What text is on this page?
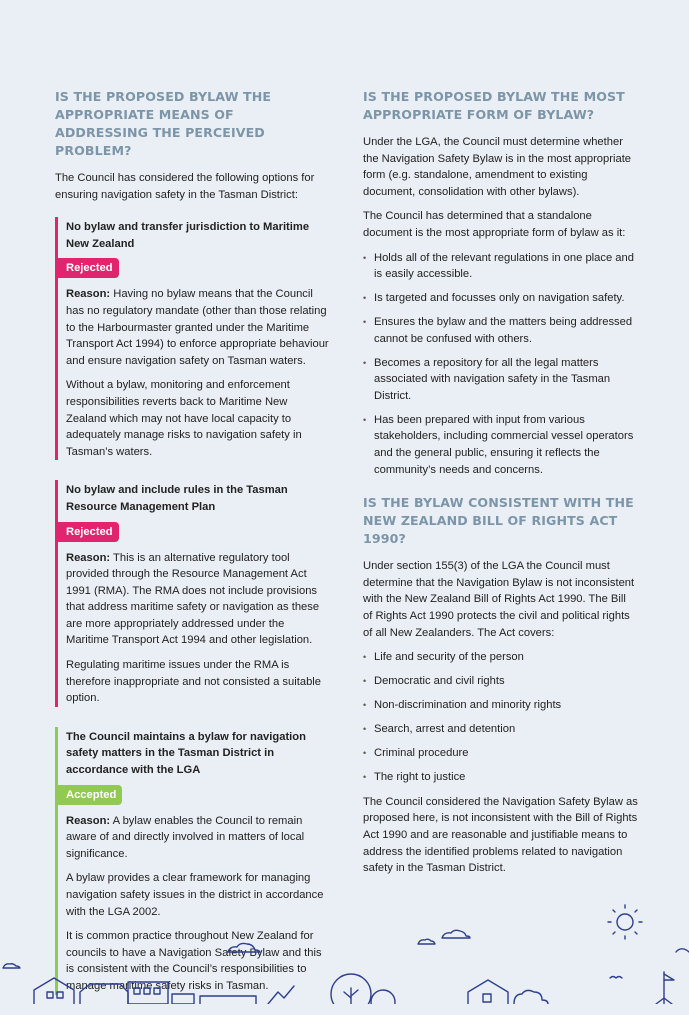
IS THE PROPOSED BYLAW THE APPROPRIATE MEANS OF ADDRESSING THE PERCEIVED PROBLEM?

The Council has considered the following options for ensuring navigation safety in the Tasman District:

No bylaw and transfer jurisdiction to Maritime New Zealand
Rejected

Reason: Having no bylaw means that the Council has no regulatory mandate (other than those relating to the Harbourmaster granted under the Maritime Transport Act 1994) to enforce appropriate behaviour and ensure navigation safety on Tasman waters.

Without a bylaw, monitoring and enforcement responsibilities reverts back to Maritime New Zealand which may not have local capacity to adequately manage risks to navigation safety in Tasman’s waters.

No bylaw and include rules in the Tasman Resource Management Plan
Rejected

Reason: This is an alternative regulatory tool provided through the Resource Management Act 1991 (RMA). The RMA does not include provisions that address maritime safety or navigation as these are more appropriately addressed under the Maritime Transport Act 1994 and other legislation.

Regulating maritime issues under the RMA is therefore inappropriate and not consisted a suitable option.

The Council maintains a bylaw for navigation safety matters in the Tasman District in accordance with the LGA
Accepted

Reason: A bylaw enables the Council to remain aware of and directly involved in matters of local significance.

A bylaw provides a clear framework for managing navigation safety issues in the district in accordance with the LGA 2002.

It is common practice throughout New Zealand for councils to have a Navigation Safety Bylaw and this is consistent with the Council’s responsibilities to manage maritime safety risks in Tasman.

IS THE PROPOSED BYLAW THE MOST APPROPRIATE FORM OF BYLAW?

Under the LGA, the Council must determine whether the Navigation Safety Bylaw is in the most appropriate form (e.g. standalone, amendment to existing document, consolidation with other bylaws).

The Council has determined that a standalone document is the most appropriate form of bylaw as it:

• Holds all of the relevant regulations in one place and is easily accessible.
• Is targeted and focusses only on navigation safety.
• Ensures the bylaw and the matters being addressed cannot be confused with others.
• Becomes a repository for all the legal matters associated with navigation safety in the Tasman District.
• Has been prepared with input from various stakeholders, including commercial vessel operators and the general public, ensuring it reflects the community’s needs and concerns.
IS THE BYLAW CONSISTENT WITH THE NEW ZEALAND BILL OF RIGHTS ACT 1990?

Under section 155(3) of the LGA the Council must determine that the Navigation Bylaw is not inconsistent with the New Zealand Bill of Rights Act 1990. The Bill of Rights Act 1990 protects the civil and political rights of all New Zealanders. The Act covers:

• Life and security of the person
• Democratic and civil rights
• Non-discrimination and minority rights
• Search, arrest and detention
• Criminal procedure
• The right to justice

The Council considered the Navigation Safety Bylaw as proposed here, is not inconsistent with the Bill of Rights Act 1990 and are reasonable and justifiable means to address the identified problems related to navigation safety in the Tasman District.
